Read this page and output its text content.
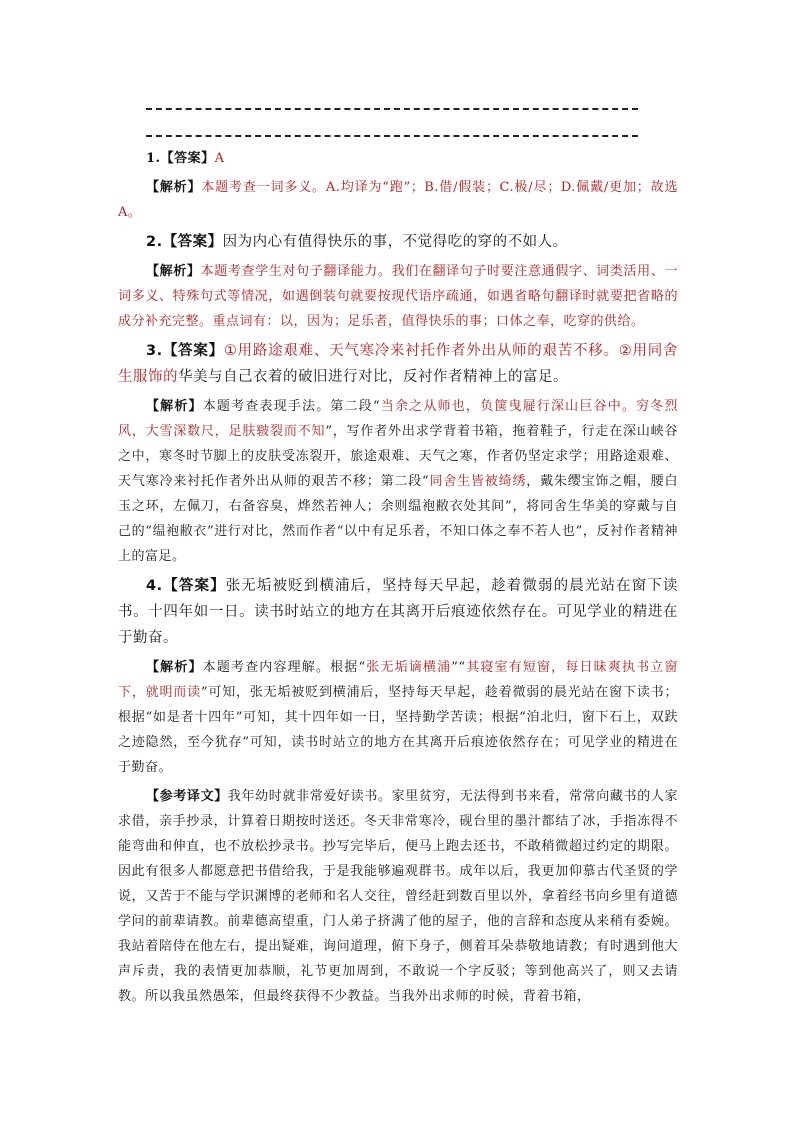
1.【答案】A

【解析】本题考查一词多义。A.均译为“跑”；B.借/假装；C.极/尽；D.佩戴/更加；故选A。

2.【答案】因为内心有值得快乐的事，不觉得吃的穿的不如人。

【解析】本题考查学生对句子翻译能力。我们在翻译句子时要注意通假字、词类活用、一词多义、特殊句式等情况，如遇倒装句就要按现代语序疏通，如遇省略句翻译时就要把省略的成分补充完整。重点词有：以，因为；足乐者，值得快乐的事；口体之奉，吃穿的供给。

3.【答案】①用路途艰难、天气寒冷来衬托作者外出从师的艰苦不移。②用同舍生服饰的华美与自己衣着的破旧进行对比，反衬作者精神上的富足。

【解析】本题考查表现手法。第二段“当余之从师也，负箧曳屣行深山巨谷中。穷冬烈风，大雪深数尺，足肤皲裂而不知”，写作者外出求学背着书箱，拖着鞋子，行走在深山峡谷之中，寒冬时节脚上的皮肤受冻裂开，旅途艰难、天气之寒，作者仍坚定求学；用路途艰难、天气寒冷来衬托作者外出从师的艰苦不移；第二段“同舍生皆被绮绣，戴朱缨宝饰之帽，腰白玉之环，左佩刀，右备容臭，烨然若神人；余则缊袍敝衣处其间”，将同舍生华美的穿戴与自己的“缊袍敝衣”进行对比，然而作者“以中有足乐者，不知口体之奉不若人也”，反衬作者精神上的富足。

4.【答案】张无垢被贬到横浦后，坚持每天早起，趁着微弱的晨光站在窗下读书。十四年如一日。读书时站立的地方在其离开后痕迹依然存在。可见学业的精进在于勤奋。

【解析】本题考查内容理解。根据“张无垢谪横浦”“其寝室有短窗，每日昧爽执书立窗下，就明而读”可知，张无垢被贬到横浦后，坚持每天早起，趁着微弱的晨光站在窗下读书；根据“如是者十四年”可知，其十四年如一日，坚持勤学苦读；根据“洎北归，窗下石上，双趺之迹隐然，至今犹存”可知，读书时站立的地方在其离开后痕迹依然存在；可见学业的精进在于勤奋。

【参考译文】我年幼时就非常爱好读书。家里贫穷，无法得到书来看，常常向藏书的人家求借，亲手抄录，计算着日期按时送还。冬天非常寒冷，砚台里的墨汁都结了冰，手指冻得不能弯曲和伸直，也不放松抄录书。抄写完毕后，便马上跑去还书，不敢稍微超过约定的期限。因此有很多人都愿意把书借给我，于是我能够遍观群书。成年以后，我更加仰慕古代圣贤的学说，又苦于不能与学识渊博的老师和名人交往，曾经赶到数百里以外，拿着经书向乡里有道德学问的前辈请教。前辈德高望重，门人弟子挤满了他的屋子，他的言辞和态度从来稍有委婉。我站着陪侍在他左右，提出疑难，询问道理，俯下身子，侧着耳朵恭敬地请教；有时遇到他大声斥责，我的表情更加恭顺，礼节更加周到，不敢说一个字反驳；等到他高兴了，则又去请教。所以我虽然愚笨，但最终获得不少教益。当我外出求师的时候，背着书箱，
